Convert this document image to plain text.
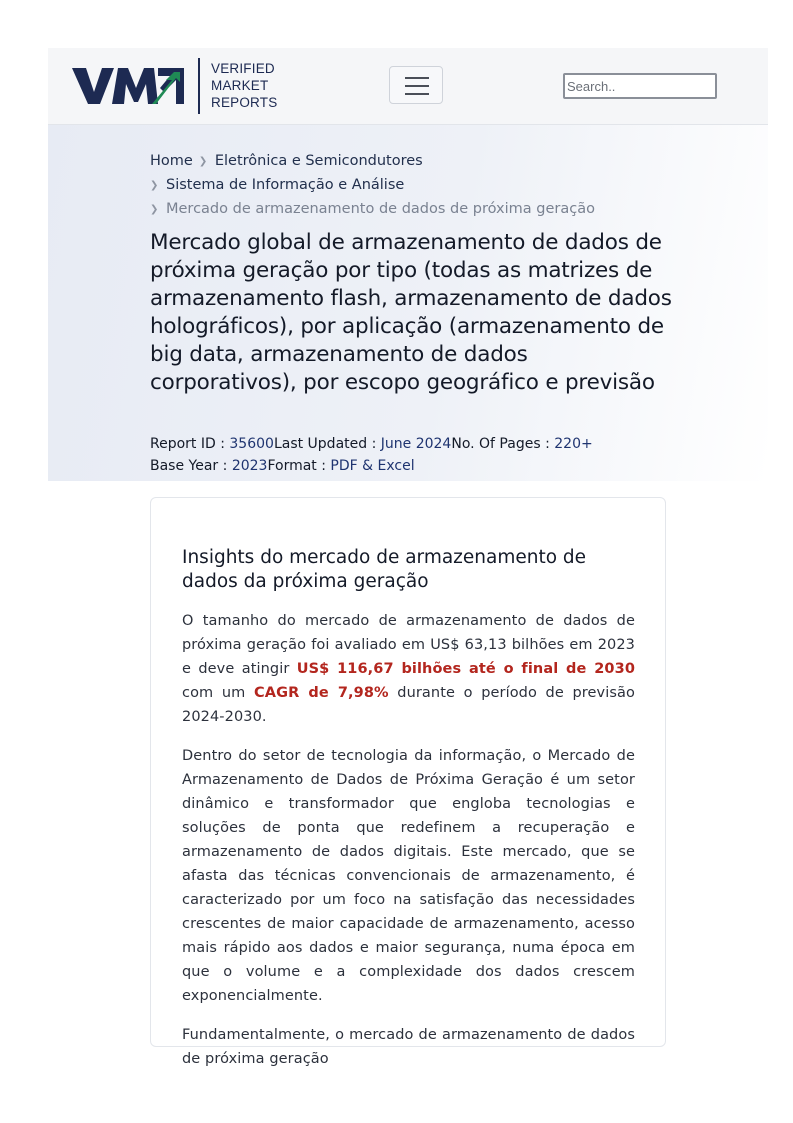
VERIFIED
MARKET
REPORTS
Search..
Home ❯ Eletrônica e Semicondutores
❯ Sistema de Informação e Análise
❯ Mercado de armazenamento de dados de próxima geração
Mercado global de armazenamento de dados de próxima geração por tipo (todas as matrizes de armazenamento flash, armazenamento de dados holográficos), por aplicação (armazenamento de big data, armazenamento de dados corporativos), por escopo geográfico e previsão
Report ID : 35600Last Updated : June 2024No. Of Pages : 220+
Base Year : 2023Format : PDF & Excel
Insights do mercado de armazenamento de dados da próxima geração

O tamanho do mercado de armazenamento de dados de próxima geração foi avaliado em US$ 63,13 bilhões em 2023 e deve atingir US$ 116,67 bilhões até o final de 2030 com um CAGR de 7,98% durante o período de previsão 2024-2030.

Dentro do setor de tecnologia da informação, o Mercado de Armazenamento de Dados de Próxima Geração é um setor dinâmico e transformador que engloba tecnologias e soluções de ponta que redefinem a recuperação e armazenamento de dados digitais. Este mercado, que se afasta das técnicas convencionais de armazenamento, é caracterizado por um foco na satisfação das necessidades crescentes de maior capacidade de armazenamento, acesso mais rápido aos dados e maior segurança, numa época em que o volume e a complexidade dos dados crescem exponencialmente.

Fundamentalmente, o mercado de armazenamento de dados de próxima geração
